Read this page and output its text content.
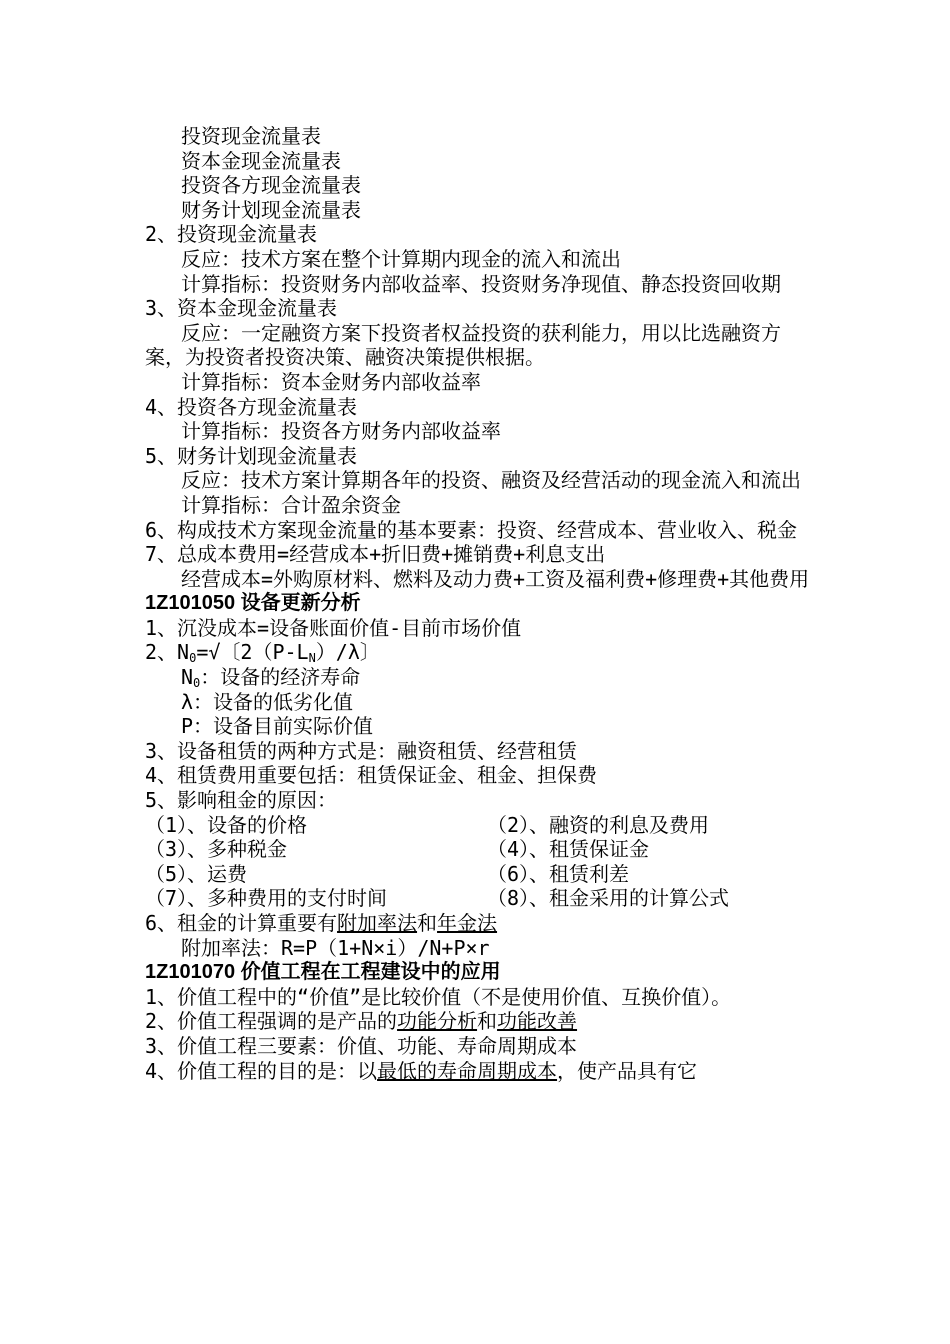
投资现金流量表
资本金现金流量表
投资各方现金流量表
财务计划现金流量表
2、投资现金流量表
反应：技术方案在整个计算期内现金的流入和流出
计算指标：投资财务内部收益率、投资财务净现值、静态投资回收期
3、资本金现金流量表
反应：一定融资方案下投资者权益投资的获利能力，用以比选融资方案，为投资者投资决策、融资决策提供根据。
计算指标：资本金财务内部收益率
4、投资各方现金流量表
计算指标：投资各方财务内部收益率
5、财务计划现金流量表
反应：技术方案计算期各年的投资、融资及经营活动的现金流入和流出
计算指标：合计盈余资金
6、构成技术方案现金流量的基本要素：投资、经营成本、营业收入、税金
7、总成本费用=经营成本+折旧费+摊销费+利息支出
经营成本=外购原材料、燃料及动力费+工资及福利费+修理费+其他费用
1Z101050 设备更新分析
1、沉没成本=设备账面价值-目前市场价值
2、$N_0=√$〔$2(P-L_N)/\lambda$〕
$N_0$：设备的经济寿命
λ：设备的低劣化值
P：设备目前实际价值
3、设备租赁的两种方式是：融资租赁、经营租赁
4、租赁费用重要包括：租赁保证金、租金、担保费
5、影响租金的原因：
（1）、设备的价格	（2）、融资的利息及费用
（3）、多种税金	（4）、租赁保证金
（5）、运费	（6）、租赁利差
（7）、多种费用的支付时间	（8）、租金采用的计算公式
6、租金的计算重要有附加率法和年金法
附加率法：R=P（1+N×i）/N+P×r
1Z101070 价值工程在工程建设中的应用
1、价值工程中的“价值”是比较价值（不是使用价值、互换价值）。
2、价值工程强调的是产品的功能分析和功能改善
3、价值工程三要素：价值、功能、寿命周期成本
4、价值工程的目的是：以最低的寿命周期成本，使产品具有它
